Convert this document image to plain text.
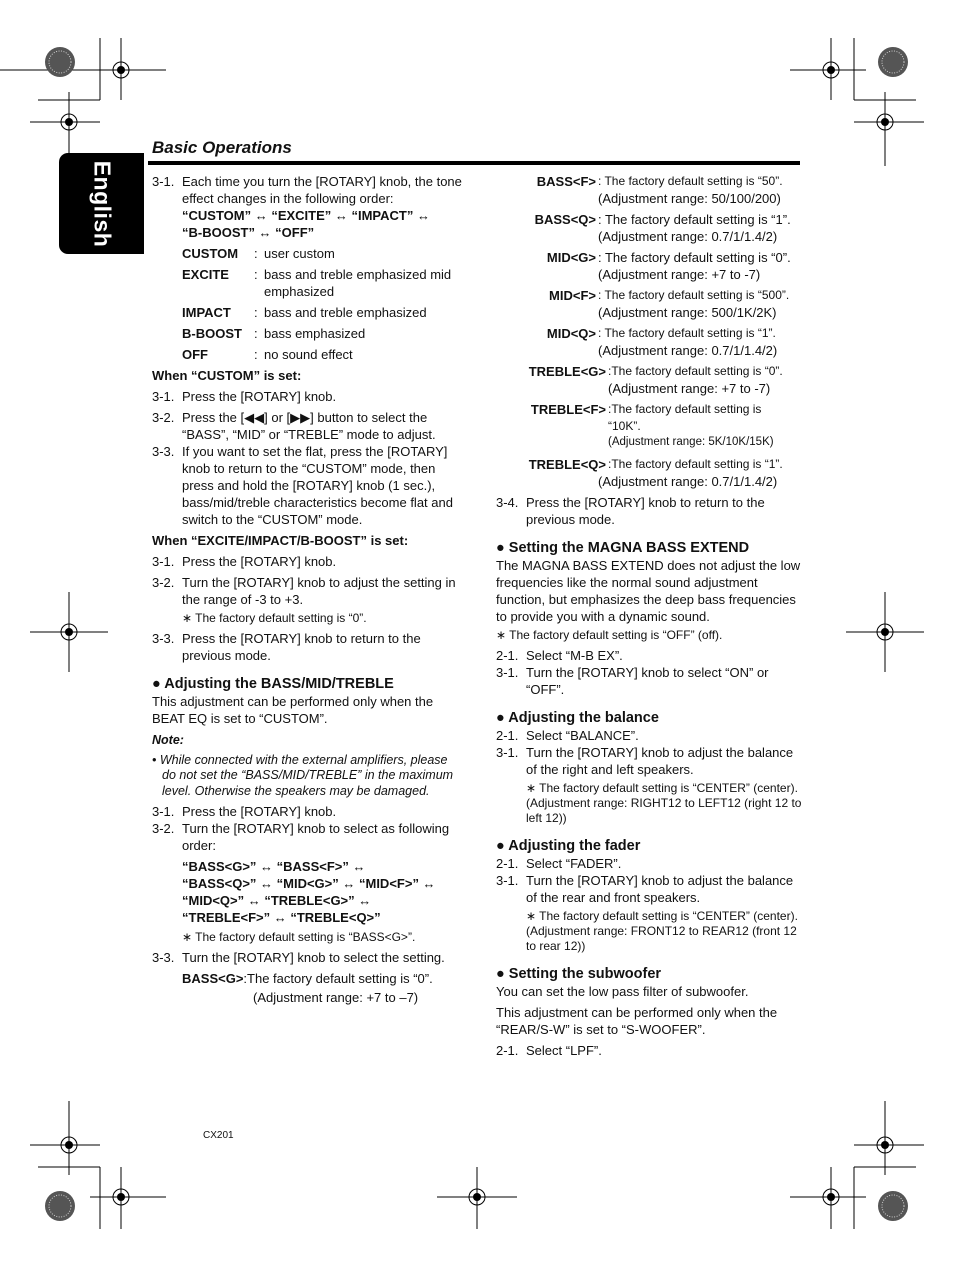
English
Basic Operations
3-1. Each time you turn the [ROTARY] knob, the tone effect changes in the following order:
“CUSTOM” ↔ “EXCITE” ↔ “IMPACT” ↔
“B-BOOST” ↔ “OFF”
CUSTOM	: user custom
EXCITE	: bass and treble emphasized mid emphasized
IMPACT	: bass and treble emphasized
B-BOOST : bass emphasized
OFF	: no sound effect
When “CUSTOM” is set:
3-1. Press the [ROTARY] knob.
3-2. Press the [◀◀] or [▶▶] button to select the “BASS”, “MID” or “TREBLE” mode to adjust.
3-3. If you want to set the flat, press the [ROTARY] knob to return to the “CUSTOM” mode, then press and hold the [ROTARY] knob (1 sec.), bass/mid/treble characteristics become flat and switch to the “CUSTOM” mode.
When “EXCITE/IMPACT/B-BOOST” is set:
3-1. Press the [ROTARY] knob.
3-2. Turn the [ROTARY] knob to adjust the setting in the range of -3 to +3.
∗ The factory default setting is “0”.
3-3. Press the [ROTARY] knob to return to the previous mode.
● Adjusting the BASS/MID/TREBLE
This adjustment can be performed only when the BEAT EQ is set to “CUSTOM”.
Note:
• While connected with the external amplifiers, please do not set the “BASS/MID/TREBLE” in the maximum level. Otherwise the speakers may be damaged.
3-1. Press the [ROTARY] knob.
3-2. Turn the [ROTARY] knob to select as following order:
“BASS<G>” ↔ “BASS<F>” ↔
“BASS<Q>” ↔ “MID<G>” ↔ “MID<F>” ↔
“MID<Q>” ↔ “TREBLE<G>” ↔
“TREBLE<F>” ↔ “TREBLE<Q>”
∗ The factory default setting is “BASS<G>”.
3-3. Turn the [ROTARY] knob to select the setting.
BASS<G>:The factory default setting is “0”.
(Adjustment range: +7 to –7)
BASS<F> : The factory default setting is “50”.
(Adjustment range: 50/100/200)
BASS<Q> : The factory default setting is “1”.
(Adjustment range: 0.7/1/1.4/2)
MID<G> : The factory default setting is “0”.
(Adjustment range: +7 to -7)
MID<F> : The factory default setting is “500”.
(Adjustment range: 500/1K/2K)
MID<Q> : The factory default setting is “1”.
(Adjustment range: 0.7/1/1.4/2)
TREBLE<G> :The factory default setting is “0”.
(Adjustment range: +7 to -7)
TREBLE<F> :The factory default setting is “10K”.
(Adjustment range: 5K/10K/15K)
TREBLE<Q> :The factory default setting is “1”.
(Adjustment range: 0.7/1/1.4/2)
3-4. Press the [ROTARY] knob to return to the previous mode.
● Setting the MAGNA BASS EXTEND
The MAGNA BASS EXTEND does not adjust the low frequencies like the normal sound adjustment function, but emphasizes the deep bass frequencies to provide you with a dynamic sound.
∗ The factory default setting is “OFF” (off).
2-1. Select “M-B EX”.
3-1. Turn the [ROTARY] knob to select “ON” or “OFF”.
● Adjusting the balance
2-1. Select “BALANCE”.
3-1. Turn the [ROTARY] knob to adjust the balance of the right and left speakers.
∗ The factory default setting is “CENTER” (center). (Adjustment range: RIGHT12 to LEFT12 (right 12 to left 12))
● Adjusting the fader
2-1. Select “FADER”.
3-1. Turn the [ROTARY] knob to adjust the balance of the rear and front speakers.
∗ The factory default setting is “CENTER” (center). (Adjustment range: FRONT12 to REAR12 (front 12 to rear 12))
● Setting the subwoofer
You can set the low pass filter of subwoofer.
This adjustment can be performed only when the “REAR/S-W” is set to “S-WOOFER”.
2-1. Select “LPF”.
CX201
